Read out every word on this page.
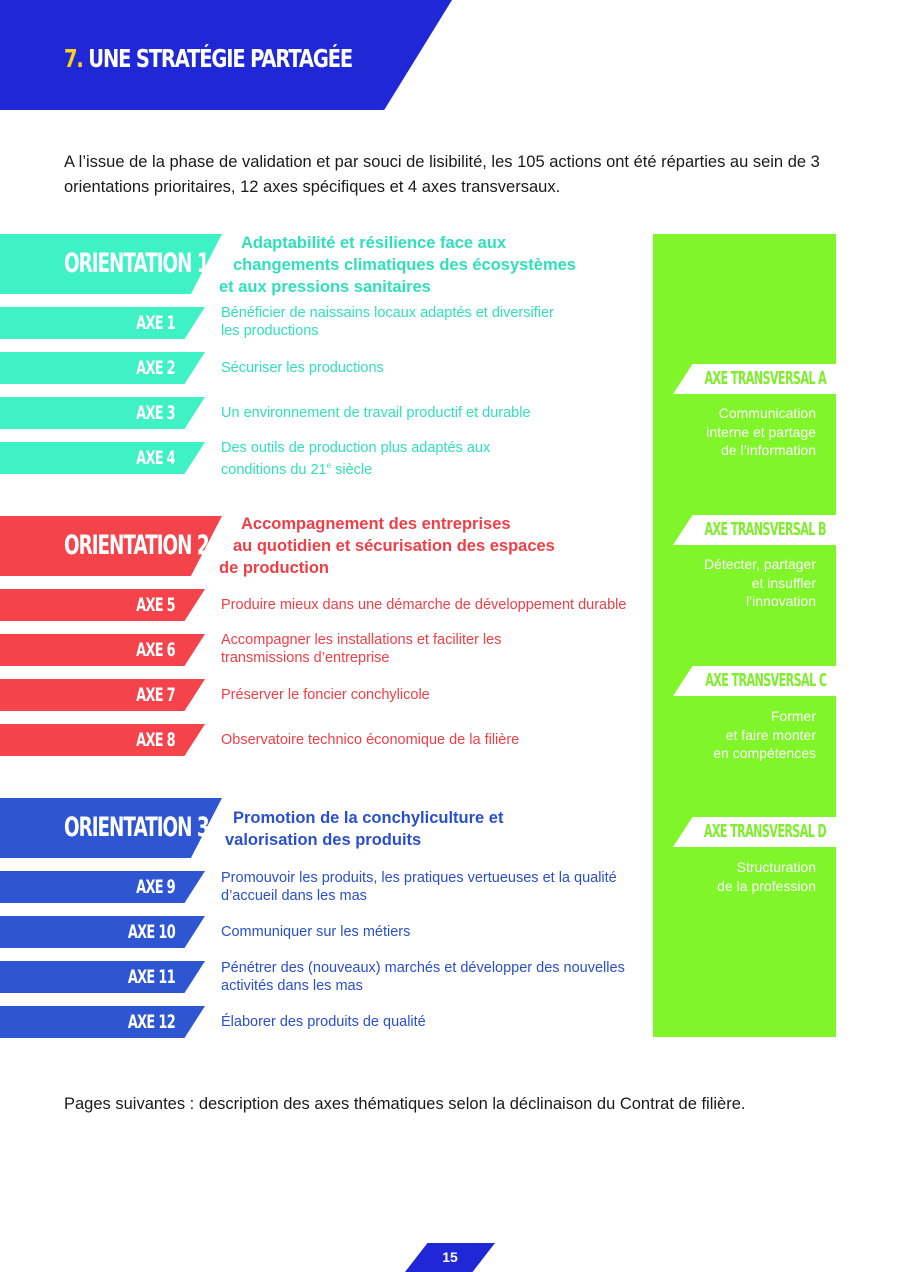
7. UNE STRATÉGIE PARTAGÉE

A l’issue de la phase de validation et par souci de lisibilité, les 105 actions ont été réparties au sein de 3 orientations prioritaires, 12 axes spécifiques et 4 axes transversaux.

ORIENTATION 1
Adaptabilité et résilience face aux
changements climatiques des écosystèmes
et aux pressions sanitaires
AXE 1	Bénéficier de naissains locaux adaptés et diversifier les productions
AXE 2	Sécuriser les productions
AXE 3	Un environnement de travail productif et durable
AXE 4	Des outils de production plus adaptés aux conditions du 21e siècle
ORIENTATION 2
Accompagnement des entreprises
au quotidien et sécurisation des espaces
de production
AXE 5	Produire mieux dans une démarche de développement durable
AXE 6	Accompagner les installations et faciliter les transmissions d’entreprise
AXE 7	Préserver le foncier conchylicole
AXE 8	Observatoire technico économique de la filière
ORIENTATION 3	Promotion de la conchyliculture et
valorisation des produits
AXE 9	Promouvoir les produits, les pratiques vertueuses et la qualité d’accueil dans les mas
AXE 10	Communiquer sur les métiers
AXE 11	Pénétrer des (nouveaux) marchés et développer des nouvelles activités dans les mas
AXE 12	Élaborer des produits de qualité
AXE TRANSVERSAL A
Communication
interne et partage
de l’information
AXE TRANSVERSAL B
Détecter, partager
et insuffler
l’innovation
AXE TRANSVERSAL C
Former
et faire monter
en compétences
AXE TRANSVERSAL D
Structuration
de la profession

Pages suivantes : description des axes thématiques selon la déclinaison du Contrat de filière.

15
